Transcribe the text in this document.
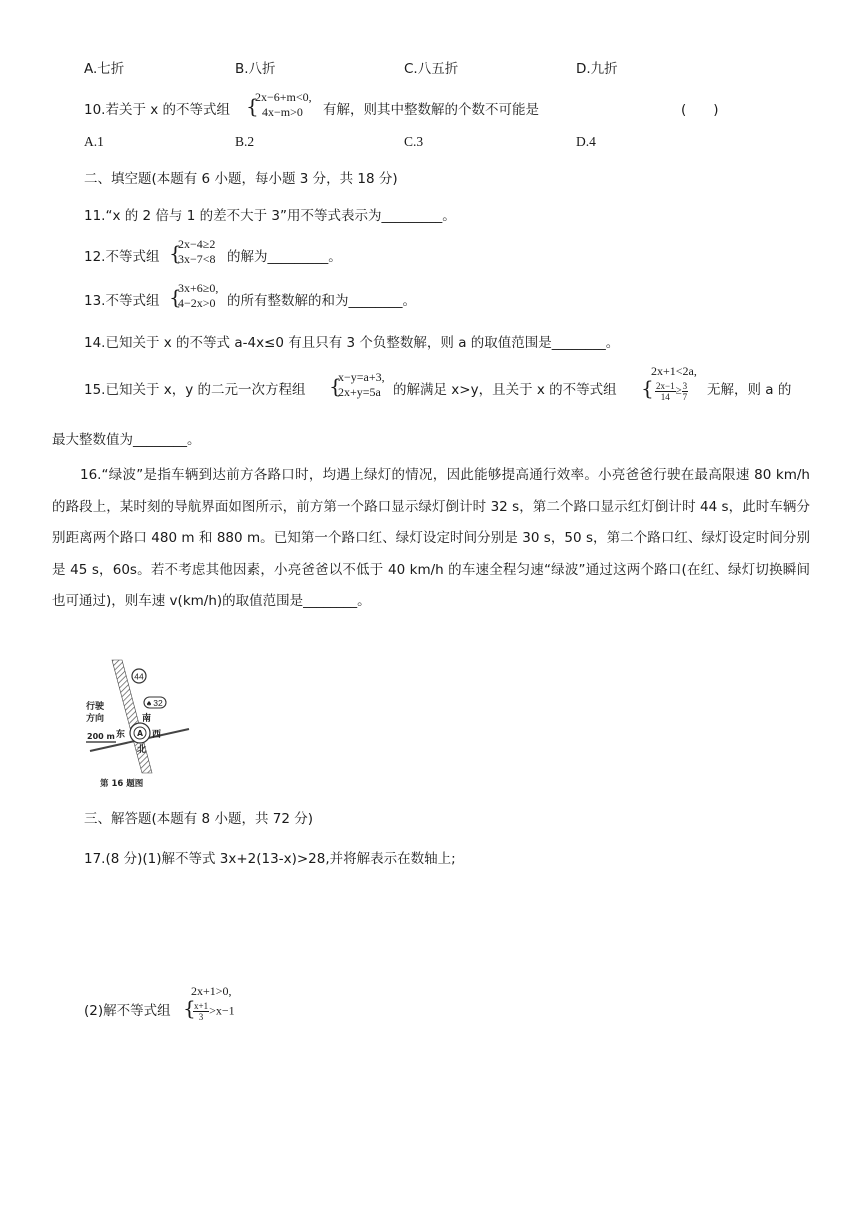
A.七折	B.八折	C.八五折	D.九折
10.若关于 x 的不等式组 {
2x−6+m<0,
4x−m>0 有解，则其中整数解的个数不可能是	(　　)
A.1	B.2	C.3	D.4
二、填空题(本题有 6 小题，每小题 3 分，共 18 分)
11.“x 的 2 倍与 1 的差不大于 3”用不等式表示为_________。
12.不等式组 {
2x−4≥2
3x−7<8 的解为_________。
13.不等式组 {
3x+6≥0,
4−2x>0 的所有整数解的和为________。
14.已知关于 x 的不等式 a-4x≤0 有且只有 3 个负整数解，则 a 的取值范围是________。
15.已知关于 x，y 的二元一次方程组 {
x−y=a+3,
2x+y=5a 的解满足 x>y，且关于 x 的不等式组 {
2x+1<2a,
$\frac{2x-1}{14} \ge \frac{3}{7}$ 无解，则 a 的
最大整数值为________。
16.“绿波”是指车辆到达前方各路口时，均遇上绿灯的情况，因此能够提高通行效率。小亮爸爸行驶在最高限速 80 km/h 的路段上，某时刻的导航界面如图所示，前方第一个路口显示绿灯倒计时 32 s，第二个路口显示红灯倒计时 44 s，此时车辆分别距离两个路口 480 m 和 880 m。已知第一个路口红、绿灯设定时间分别是 30 s，50 s，第二个路口红、绿灯设定时间分别是 45 s，60s。若不考虑其他因素，小亮爸爸以不低于 40 km/h 的车速全程匀速“绿波”通过这两个路口(在红、绿灯切换瞬间也可通过)，则车速 v(km/h)的取值范围是________。
44
32
♠
行驶
方向	南
东	西
北
A
200 m
第 16 题图
三、解答题(本题有 8 小题，共 72 分)
17.(8 分)(1)解不等式 3x+2(13-x)>28,并将解表示在数轴上;
(2)解不等式组 {
2x+1>0,
$\frac{x+1}{3} >x-1$
